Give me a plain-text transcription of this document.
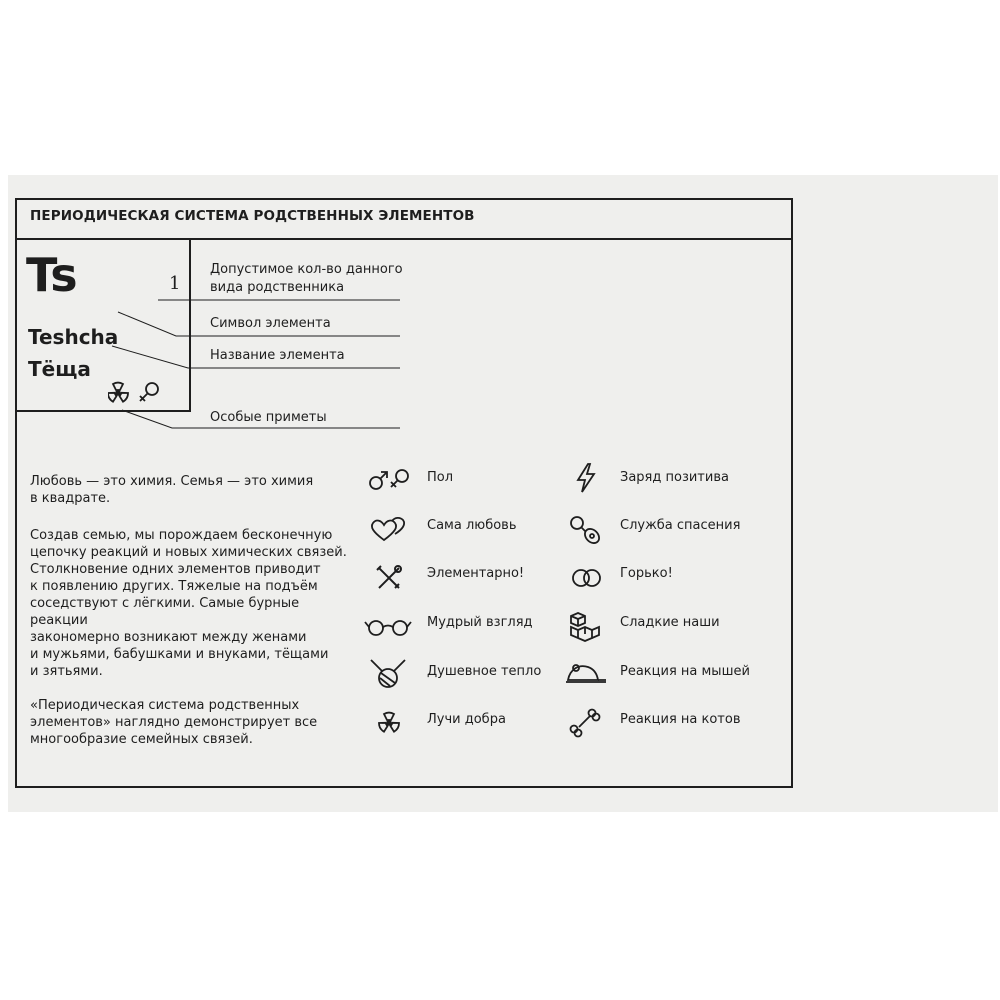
ПЕРИОДИЧЕСКАЯ СИСТЕМА РОДСТВЕННЫХ ЭЛЕМЕНТОВ
Ts	1
Teshcha
Тёща
Допустимое кол-во данного
вида родственника
Символ элемента
Название элемента
Особые приметы
Любовь — это химия. Семья — это химия
в квадрате.
Создав семью, мы порождаем бесконечную
цепочку реакций и новых химических связей.
Столкновение одних элементов приводит
к появлению других. Тяжелые на подъём
соседствуют с лёгкими. Самые бурные реакции
закономерно возникают между женами
и мужьями, бабушками и внуками, тёщами
и зятьями.
«Периодическая система родственных
элементов» наглядно демонстрирует все
многообразие семейных связей.
Пол
Сама любовь
Элементарно!
Мудрый взгляд
Душевное тепло
Лучи добра
Заряд позитива
Служба спасения
Горько!
Сладкие наши
Реакция на мышей
Реакция на котов
